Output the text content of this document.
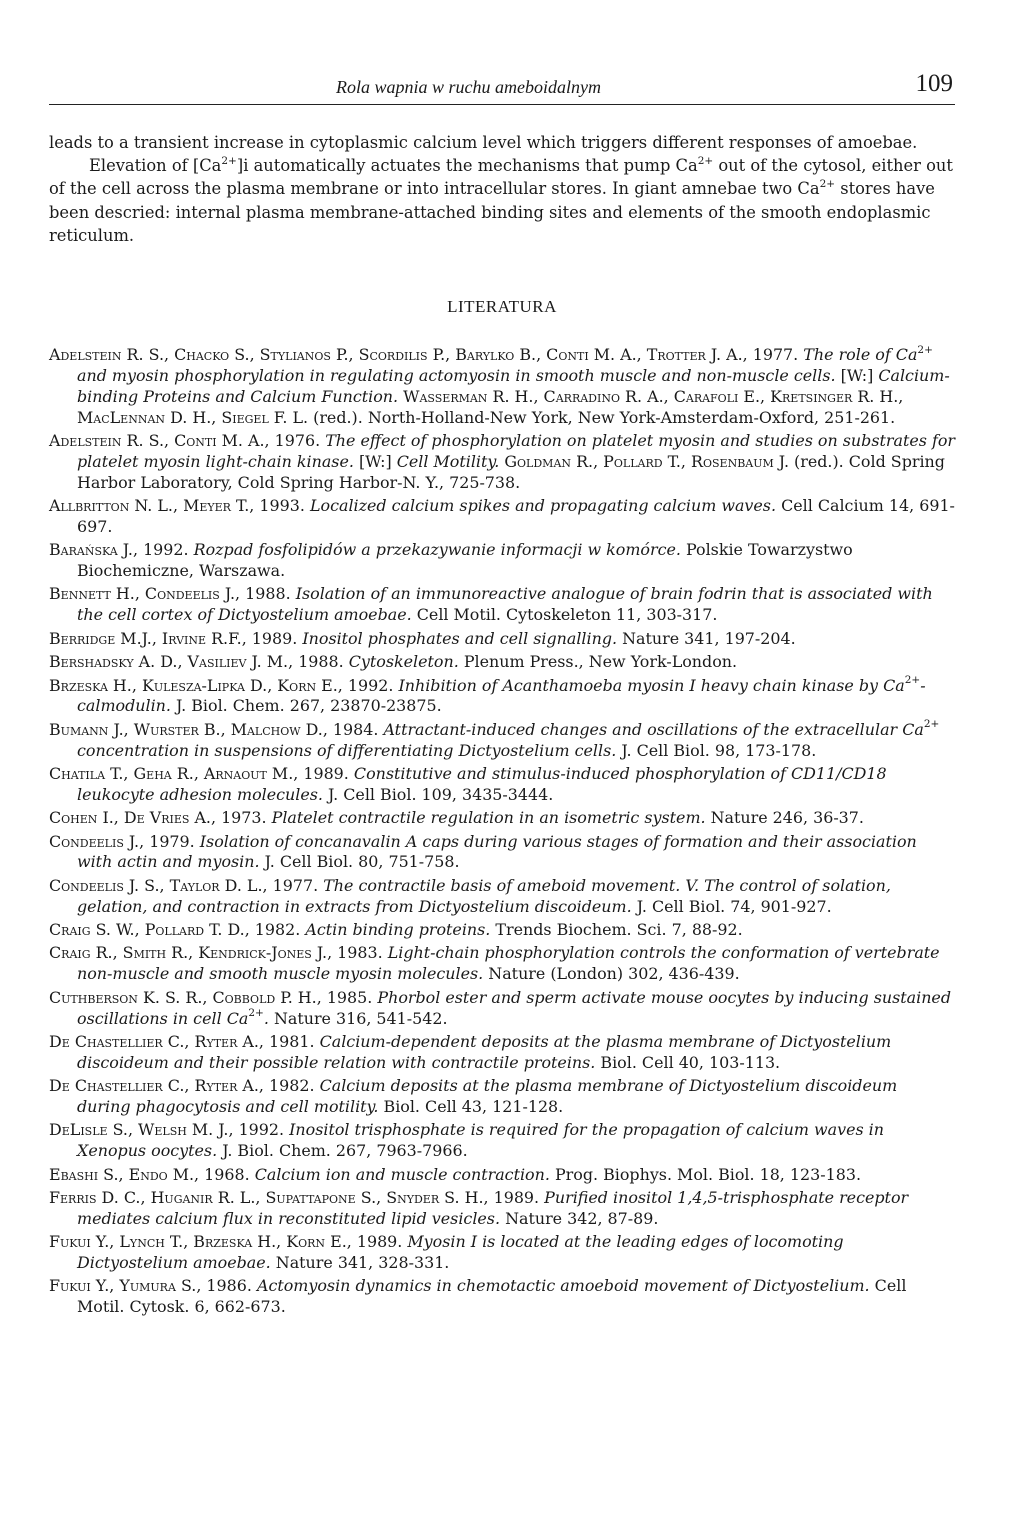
Rola wapnia w ruchu ameboidalnym	109

leads to a transient increase in cytoplasmic calcium level which triggers different responses of amoebae.

Elevation of $[Ca^{2+}]i$ automatically actuates the mechanisms that pump $Ca^{2+}$ out of the cytosol, either out of the cell across the plasma membrane or into intracellular stores. In giant amnebae two $Ca^{2+}$ stores have been descried: internal plasma membrane-attached binding sites and elements of the smooth endoplasmic reticulum.

LITERATURA
Adelstein R. S., Chacko S., Stylianos P., Scordilis P., Barylko B., Conti M. A., Trotter J. A., 1977. The role of $Ca^{2+}$ and myosin phosphorylation in regulating actomyosin in smooth muscle and non-muscle cells. [W:] Calcium-binding Proteins and Calcium Function. Wasserman R. H., Carradino R. A., Carafoli E., Kretsinger R. H., MacLennan D. H., Siegel F. L. (red.). North-Holland-New York, New York-Amsterdam-Oxford, 251-261.
Adelstein R. S., Conti M. A., 1976. The effect of phosphorylation on platelet myosin and studies on substrates for platelet myosin light-chain kinase. [W:] Cell Motility. Goldman R., Pollard T., Rosenbaum J. (red.). Cold Spring Harbor Laboratory, Cold Spring Harbor-N. Y., 725-738.
Allbritton N. L., Meyer T., 1993. Localized calcium spikes and propagating calcium waves. Cell Calcium 14, 691-697.
Barańska J., 1992. Rozpad fosfolipidów a przekazywanie informacji w komórce. Polskie Towarzystwo Biochemiczne, Warszawa.
Bennett H., Condeelis J., 1988. Isolation of an immunoreactive analogue of brain fodrin that is associated with the cell cortex of Dictyostelium amoebae. Cell Motil. Cytoskeleton 11, 303-317.
Berridge M.J., Irvine R.F., 1989. Inositol phosphates and cell signalling. Nature 341, 197-204.
Bershadsky A. D., Vasiliev J. M., 1988. Cytoskeleton. Plenum Press., New York-London.
Brzeska H., Kulesza-Lipka D., Korn E., 1992. Inhibition of Acanthamoeba myosin I heavy chain kinase by $Ca^{2+}$-calmodulin. J. Biol. Chem. 267, 23870-23875.
Bumann J., Wurster B., Malchow D., 1984. Attractant-induced changes and oscillations of the extracellular $Ca^{2+}$ concentration in suspensions of differentiating Dictyostelium cells. J. Cell Biol. 98, 173-178.
Chatila T., Geha R., Arnaout M., 1989. Constitutive and stimulus-induced phosphorylation of CD11/CD18 leukocyte adhesion molecules. J. Cell Biol. 109, 3435-3444.
Cohen I., De Vries A., 1973. Platelet contractile regulation in an isometric system. Nature 246, 36-37.
Condeelis J., 1979. Isolation of concanavalin A caps during various stages of formation and their association with actin and myosin. J. Cell Biol. 80, 751-758.
Condeelis J. S., Taylor D. L., 1977. The contractile basis of ameboid movement. V. The control of solation, gelation, and contraction in extracts from Dictyostelium discoideum. J. Cell Biol. 74, 901-927.
Craig S. W., Pollard T. D., 1982. Actin binding proteins. Trends Biochem. Sci. 7, 88-92.
Craig R., Smith R., Kendrick-Jones J., 1983. Light-chain phosphorylation controls the conformation of vertebrate non-muscle and smooth muscle myosin molecules. Nature (London) 302, 436-439.
Cuthberson K. S. R., Cobbold P. H., 1985. Phorbol ester and sperm activate mouse oocytes by inducing sustained oscillations in cell $Ca^{2+}$. Nature 316, 541-542.
De Chastellier C., Ryter A., 1981. Calcium-dependent deposits at the plasma membrane of Dictyostelium discoideum and their possible relation with contractile proteins. Biol. Cell 40, 103-113.
De Chastellier C., Ryter A., 1982. Calcium deposits at the plasma membrane of Dictyostelium discoideum during phagocytosis and cell motility. Biol. Cell 43, 121-128.
DeLisle S., Welsh M. J., 1992. Inositol trisphosphate is required for the propagation of calcium waves in Xenopus oocytes. J. Biol. Chem. 267, 7963-7966.
Ebashi S., Endo M., 1968. Calcium ion and muscle contraction. Prog. Biophys. Mol. Biol. 18, 123-183.
Ferris D. C., Huganir R. L., Supattapone S., Snyder S. H., 1989. Purified inositol 1,4,5-trisphosphate receptor mediates calcium flux in reconstituted lipid vesicles. Nature 342, 87-89.
Fukui Y., Lynch T., Brzeska H., Korn E., 1989. Myosin I is located at the leading edges of locomoting Dictyostelium amoebae. Nature 341, 328-331.
Fukui Y., Yumura S., 1986. Actomyosin dynamics in chemotactic amoeboid movement of Dictyostelium. Cell Motil. Cytosk. 6, 662-673.
